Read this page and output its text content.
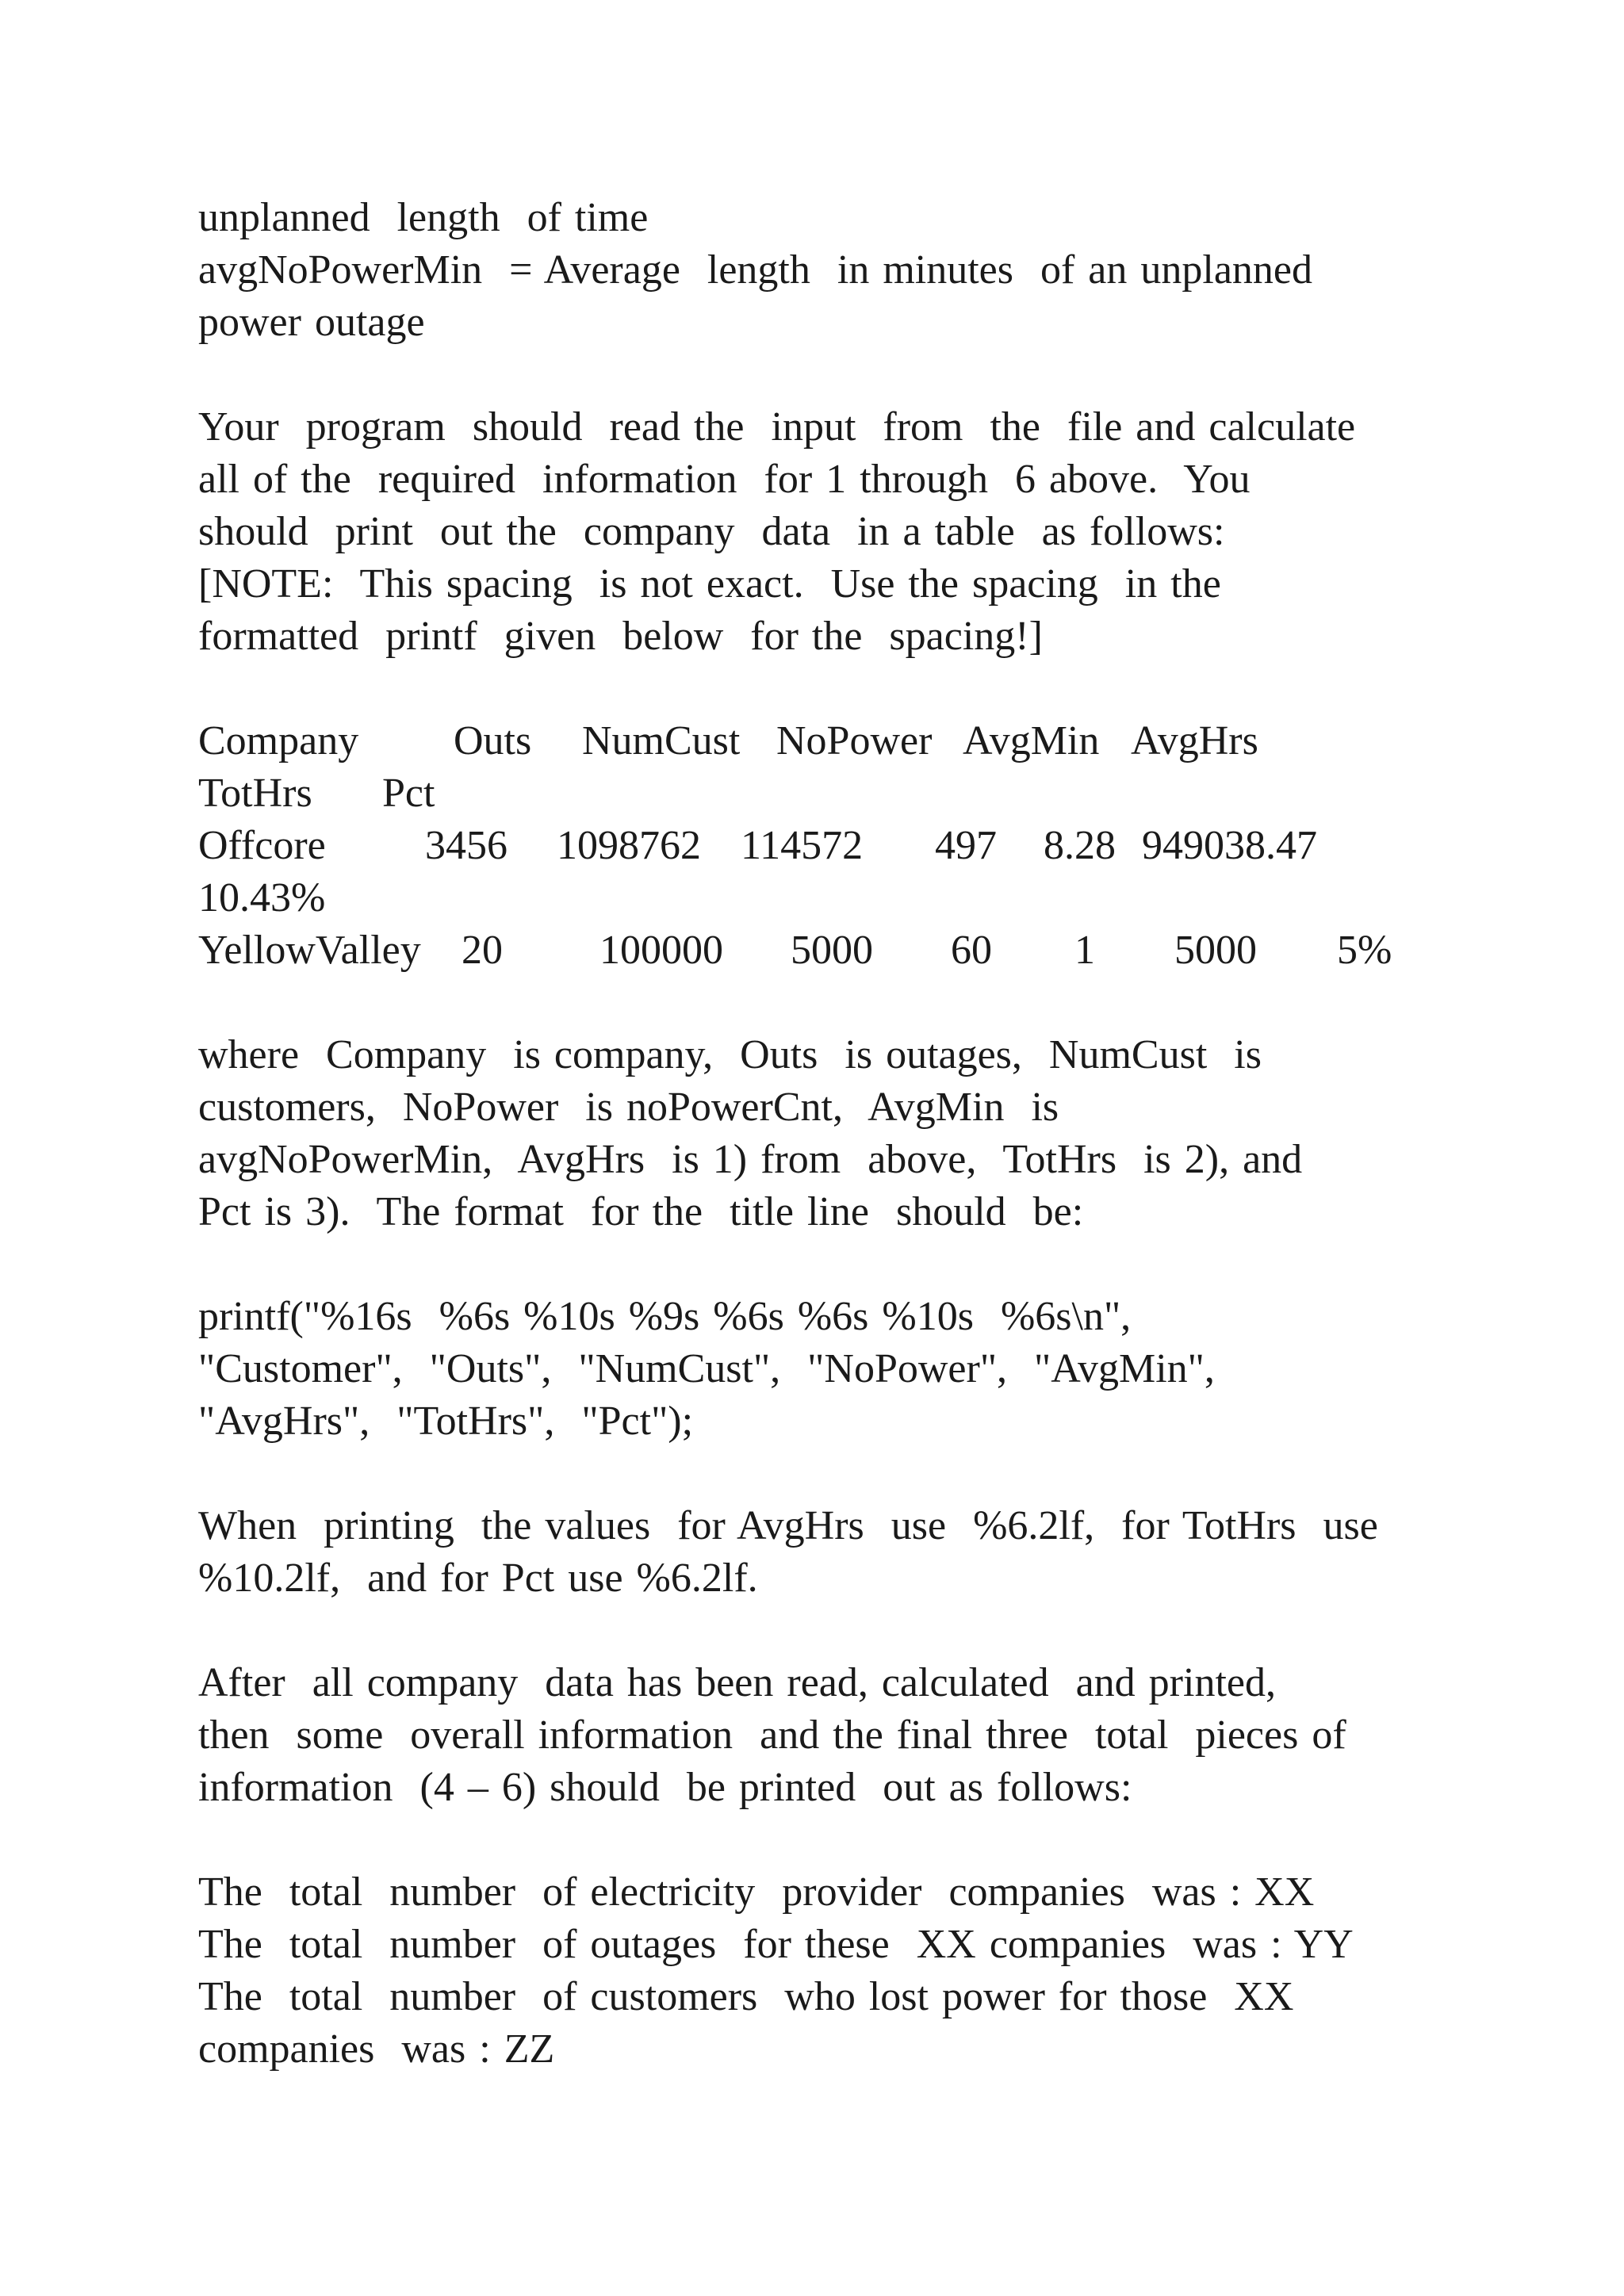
unplanned  length  of time
avgNoPowerMin  = Average  length  in minutes  of an unplanned
power outage
Your  program  should  read the  input  from  the  file and calculate
all of the  required  information  for 1 through  6 above.  You
should  print  out the  company  data  in a table  as follows:
[NOTE:  This spacing  is not exact.  Use the spacing  in the
formatted  printf  given  below  for the  spacing!]

Company

Outs

NumCust

NoPower

AvgMin

AvgHrs

TotHrs

Pct

Offcore

3456

1098762

114572

497

8.28

949038.47

10.43%

YellowValley

20

100000

5000

60

1

5000

5%

where  Company  is company,  Outs  is outages,  NumCust  is
customers,  NoPower  is noPowerCnt,  AvgMin  is
avgNoPowerMin,  AvgHrs  is 1) from  above,  TotHrs  is 2), and
Pct is 3).  The format  for the  title line  should  be:
printf("%16s  %6s %10s %9s %6s %6s %10s  %6s\n",
"Customer",  "Outs",  "NumCust",  "NoPower",  "AvgMin",
"AvgHrs",  "TotHrs",  "Pct");
When  printing  the values  for AvgHrs  use  %6.2lf,  for TotHrs  use
%10.2lf,  and for Pct use %6.2lf.
After  all company  data has been read, calculated  and printed,
then  some  overall information  and the final three  total  pieces of
information  (4 – 6) should  be printed  out as follows:
The  total  number  of electricity  provider  companies  was : XX
The  total  number  of outages  for these  XX companies  was : YY
The  total  number  of customers  who lost power for those  XX
companies  was : ZZ
